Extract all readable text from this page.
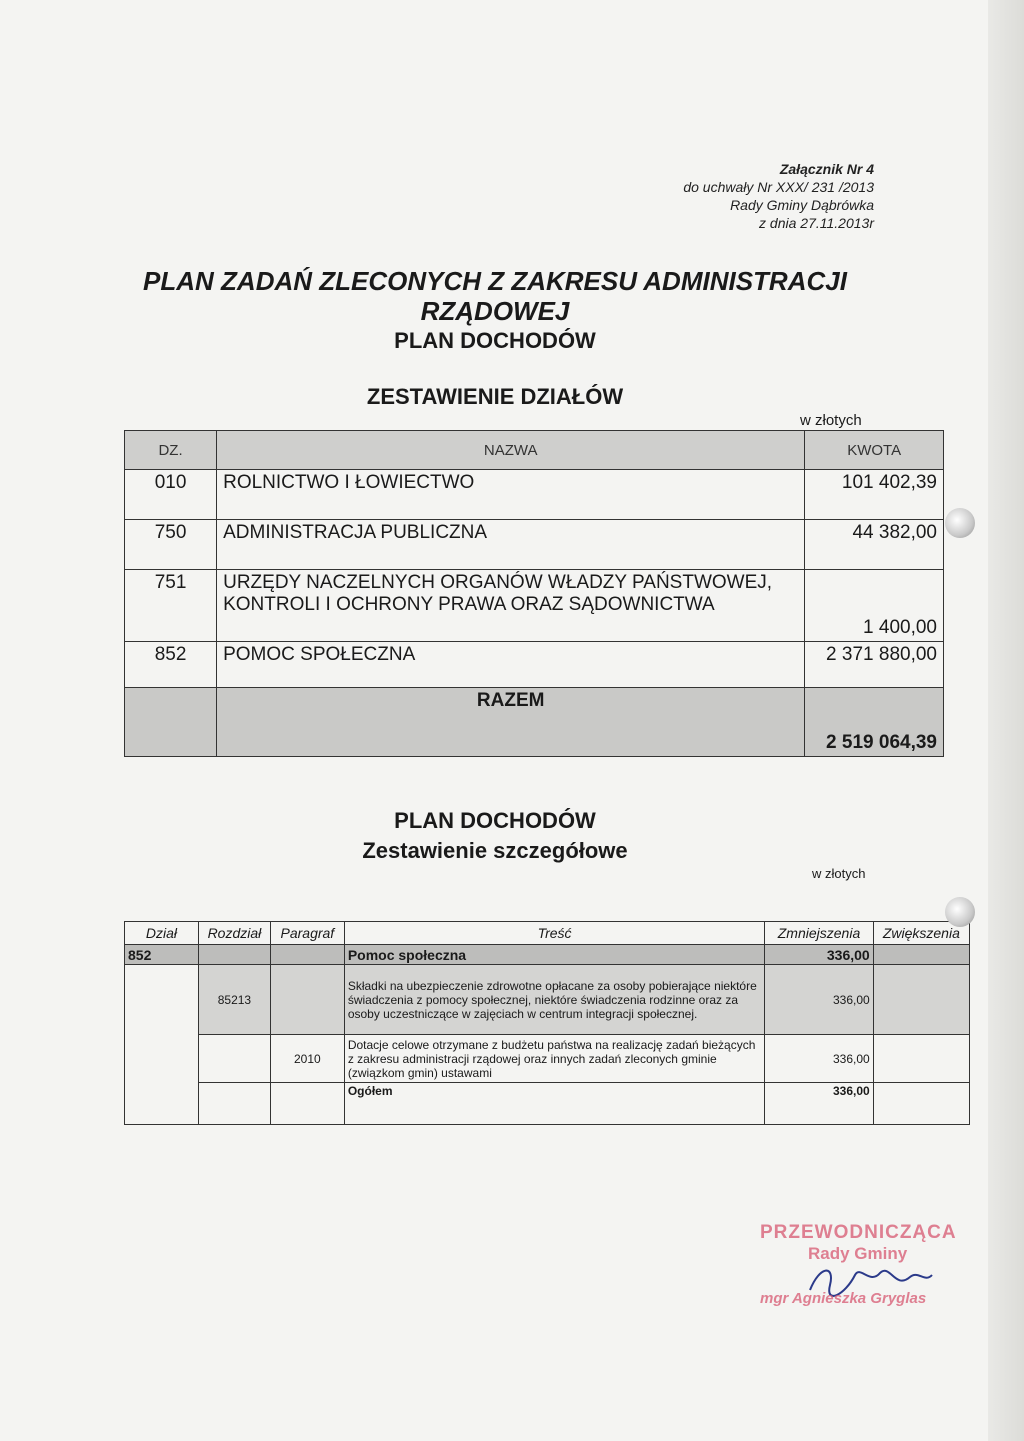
Załącznik Nr 4
do uchwały Nr XXX/ 231 /2013
Rady Gminy Dąbrówka
z dnia 27.11.2013r
PLAN ZADAŃ ZLECONYCH Z ZAKRESU ADMINISTRACJI
RZĄDOWEJ
PLAN DOCHODÓW
ZESTAWIENIE DZIAŁÓW
w złotych
DZ.	NAZWA	KWOTA
010	ROLNICTWO I ŁOWIECTWO	101 402,39
750	ADMINISTRACJA PUBLICZNA	44 382,00
751	URZĘDY NACZELNYCH ORGANÓW WŁADZY PAŃSTWOWEJ, KONTROLI I OCHRONY PRAWA ORAZ SĄDOWNICTWA	1 400,00
852	POMOC SPOŁECZNA	2 371 880,00
	RAZEM	2 519 064,39
PLAN DOCHODÓW
Zestawienie szczegółowe
w złotych
Dział	Rozdział	Paragraf	Treść	Zmniejszenia	Zwiększenia
852			Pomoc społeczna	336,00	
	85213		Składki na ubezpieczenie zdrowotne opłacane za osoby pobierające niektóre świadczenia z pomocy społecznej, niektóre świadczenia rodzinne oraz za osoby uczestniczące w zajęciach w centrum integracji społecznej.	336,00	
		2010	Dotacje celowe otrzymane z budżetu państwa na realizację zadań bieżących z zakresu administracji rządowej oraz innych zadań zleconych gminie (związkom gmin) ustawami	336,00	
			Ogółem	336,00	
PRZEWODNICZĄCA
Rady Gminy
mgr Agnieszka Gryglas
